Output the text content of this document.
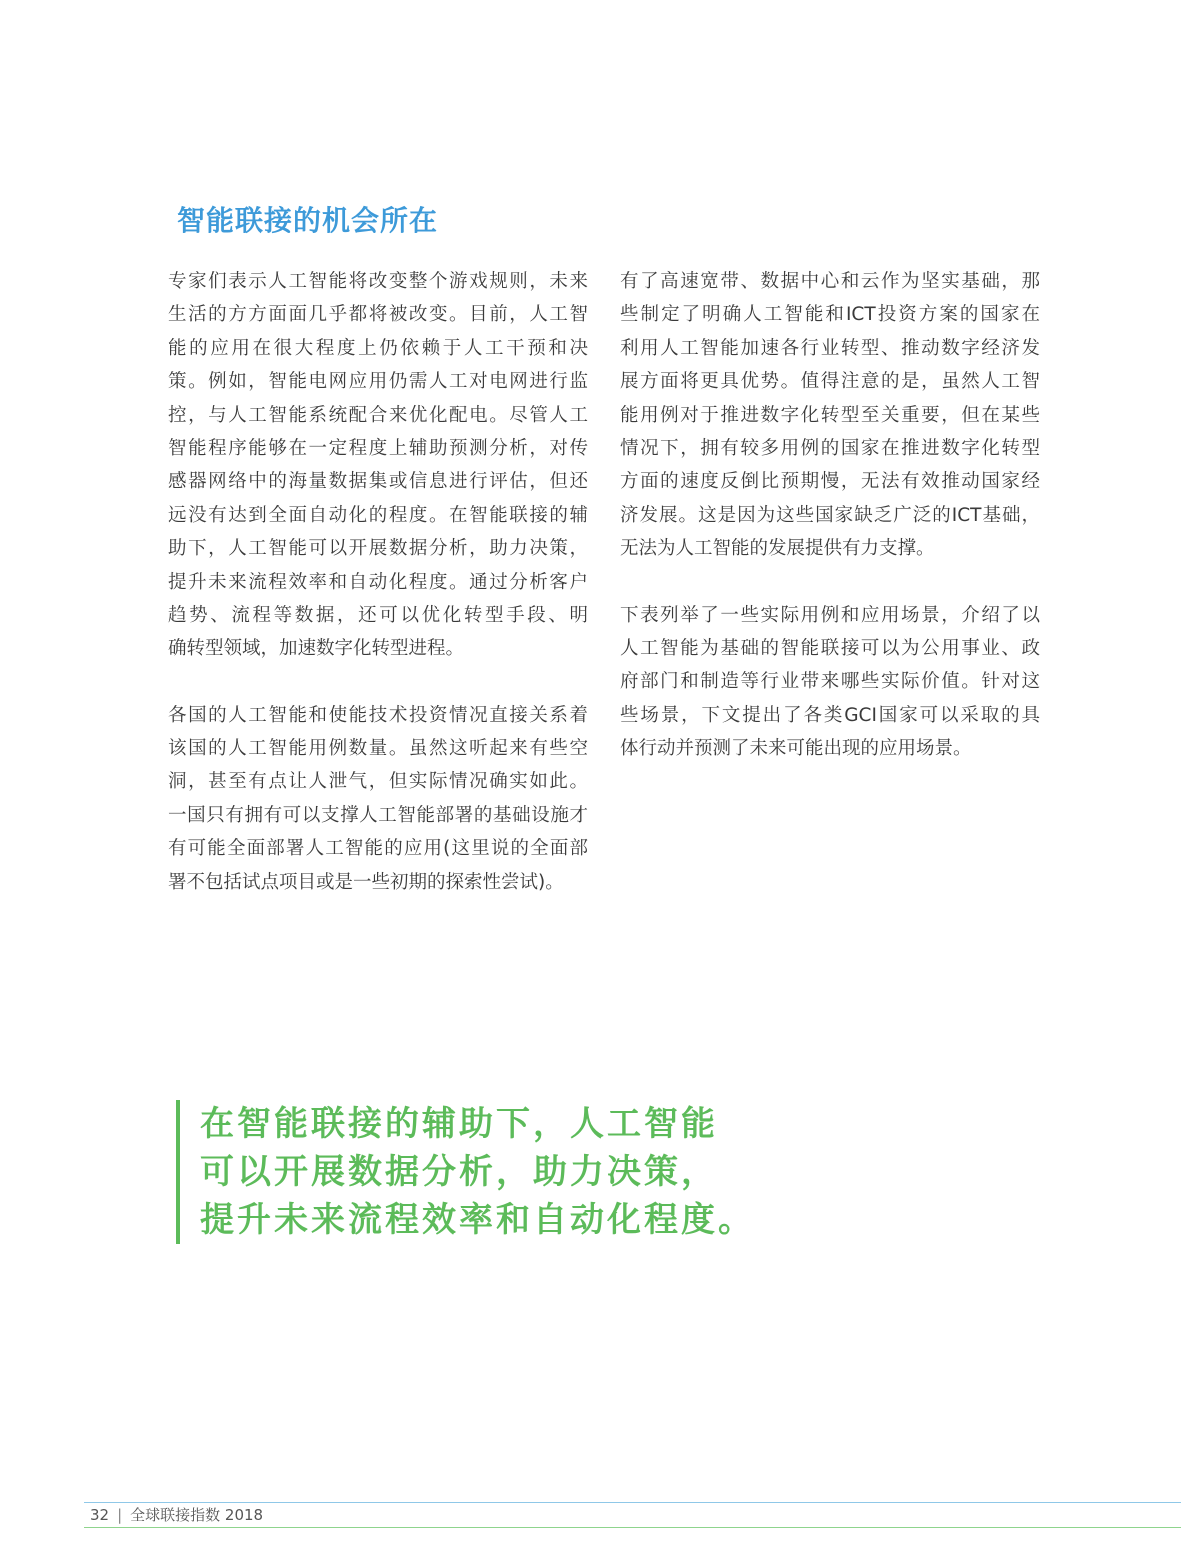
智能联接的机会所在

专家们表示人工智能将改变整个游戏规则，未来
生活的方方面面几乎都将被改变。目前，人工智
能的应用在很大程度上仍依赖于人工干预和决
策。例如，智能电网应用仍需人工对电网进行监
控，与人工智能系统配合来优化配电。尽管人工
智能程序能够在一定程度上辅助预测分析，对传
感器网络中的海量数据集或信息进行评估，但还
远没有达到全面自动化的程度。在智能联接的辅
助下，人工智能可以开展数据分析，助力决策，
提升未来流程效率和自动化程度。通过分析客户
趋势、流程等数据，还可以优化转型手段、明
确转型领域，加速数字化转型进程。

各国的人工智能和使能技术投资情况直接关系着
该国的人工智能用例数量。虽然这听起来有些空
洞，甚至有点让人泄气，但实际情况确实如此。
一国只有拥有可以支撑人工智能部署的基础设施才
有可能全面部署人工智能的应用(这里说的全面部
署不包括试点项目或是一些初期的探索性尝试)。

有了高速宽带、数据中心和云作为坚实基础，那
些制定了明确人工智能和ICT投资方案的国家在
利用人工智能加速各行业转型、推动数字经济发
展方面将更具优势。值得注意的是，虽然人工智
能用例对于推进数字化转型至关重要，但在某些
情况下，拥有较多用例的国家在推进数字化转型
方面的速度反倒比预期慢，无法有效推动国家经
济发展。这是因为这些国家缺乏广泛的ICT基础，
无法为人工智能的发展提供有力支撑。

下表列举了一些实际用例和应用场景，介绍了以
人工智能为基础的智能联接可以为公用事业、政
府部门和制造等行业带来哪些实际价值。针对这
些场景，下文提出了各类GCI国家可以采取的具
体行动并预测了未来可能出现的应用场景。

在智能联接的辅助下，人工智能
可以开展数据分析，助力决策，
提升未来流程效率和自动化程度。
32 | 全球联接指数 2018
